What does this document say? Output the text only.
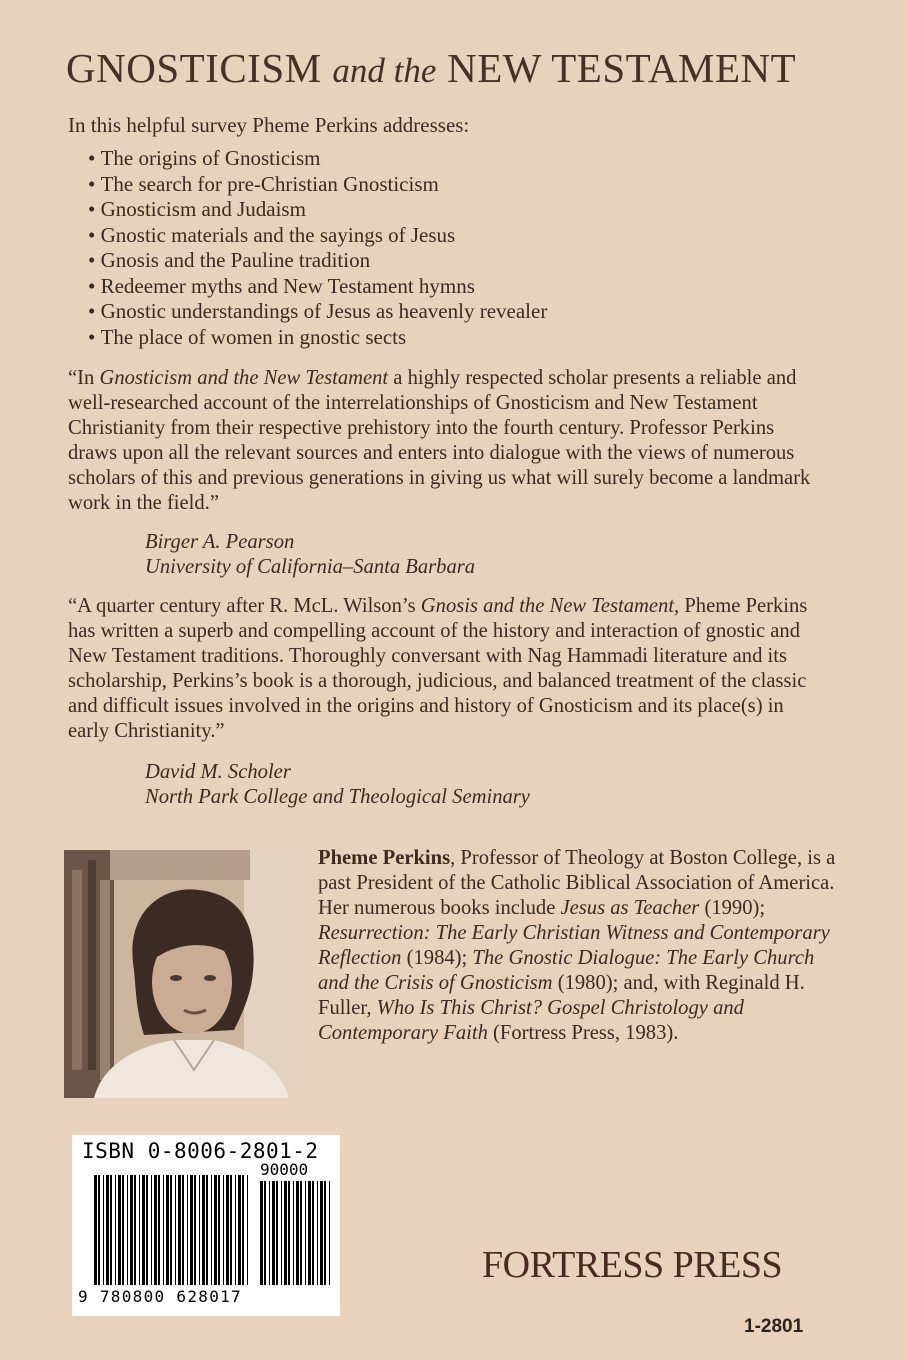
GNOSTICISM and the NEW TESTAMENT
In this helpful survey Pheme Perkins addresses:
• The origins of Gnosticism
• The search for pre-Christian Gnosticism
• Gnosticism and Judaism
• Gnostic materials and the sayings of Jesus
• Gnosis and the Pauline tradition
• Redeemer myths and New Testament hymns
• Gnostic understandings of Jesus as heavenly revealer
• The place of women in gnostic sects

“In Gnosticism and the New Testament a highly respected scholar presents a reliable and well-researched account of the interrelationships of Gnosticism and New Testament Christianity from their respective prehistory into the fourth century. Professor Perkins draws upon all the relevant sources and enters into dialogue with the views of numerous scholars of this and previous generations in giving us what will surely become a landmark work in the field.”

Birger A. Pearson
University of California–Santa Barbara

“A quarter century after R. McL. Wilson’s Gnosis and the New Testament, Pheme Perkins has written a superb and compelling account of the history and interaction of gnostic and New Testament traditions. Thoroughly conversant with Nag Hammadi literature and its scholarship, Perkins’s book is a thorough, judicious, and balanced treatment of the classic and difficult issues involved in the origins and history of Gnosticism and its place(s) in early Christianity.”

David M. Scholer
North Park College and Theological Seminary

Pheme Perkins, Professor of Theology at Boston College, is a past President of the Catholic Biblical Association of America. Her numerous books include Jesus as Teacher (1990); Resurrection: The Early Christian Witness and Contemporary Reflection (1984); The Gnostic Dialogue: The Early Church and the Crisis of Gnosticism (1980); and, with Reginald H. Fuller, Who Is This Christ? Gospel Christology and Contemporary Faith (Fortress Press, 1983).

ISBN 0-8006-2801-2
90000
9 780800 628017
FORTRESS PRESS
1-2801
